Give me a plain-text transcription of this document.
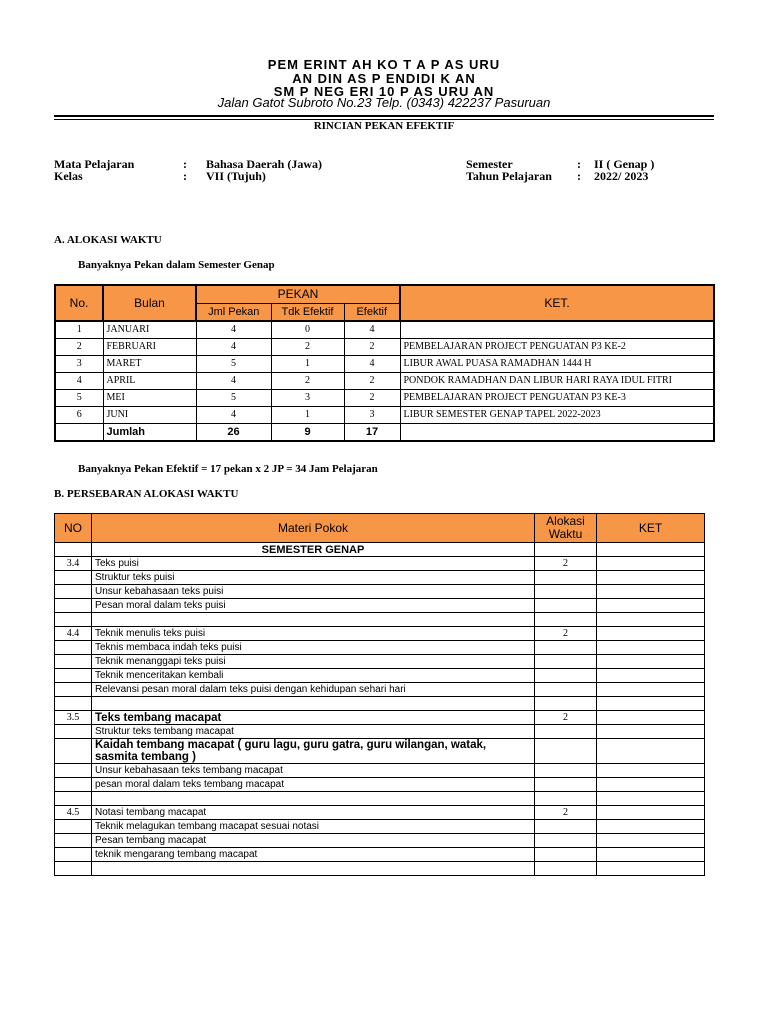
PEM ERINT AH KO T A P AS URU
AN DIN AS P ENDIDI K AN
SM P NEG ERI 10 P AS URU AN
Jalan Gatot Subroto No.23 Telp. (0343) 422237 Pasuruan
RINCIAN PEKAN EFEKTIF
Mata Pelajaran	: Bahasa Daerah (Jawa)
Kelas	: VII (Tujuh)
Semester	: II ( Genap )
Tahun Pelajaran : 2022/ 2023
A. ALOKASI WAKTU
Banyaknya Pekan dalam Semester Genap
No.	Bulan	PEKAN			KET.
		Jml Pekan	Tdk Efektif	Efektif	
1	JANUARI	4	0	4	
2	FEBRUARI	4	2	2	PEMBELAJARAN PROJECT PENGUATAN P3 KE-2
3	MARET	5	1	4	LIBUR AWAL PUASA RAMADHAN 1444 H
4	APRIL	4	2	2	PONDOK RAMADHAN DAN LIBUR HARI RAYA IDUL FITRI
5	MEI	5	3	2	PEMBELAJARAN PROJECT PENGUATAN P3 KE-3
6	JUNI	4	1	3	LIBUR SEMESTER GENAP TAPEL 2022-2023
	Jumlah	26	9	17	
Banyaknya Pekan Efektif = 17 pekan x 2 JP = 34 Jam Pelajaran
B. PERSEBARAN ALOKASI WAKTU
NO	Materi Pokok	Alokasi Waktu	KET
	SEMESTER GENAP		
3.4	Teks puisi	2	
	Struktur teks puisi		
	Unsur kebahasaan teks puisi		
	Pesan moral dalam teks puisi		

4.4	Teknik menulis teks puisi	2	
	Teknis membaca indah teks puisi		
	Teknik menanggapi teks puisi		
	Teknik menceritakan kembali		
	Relevansi pesan moral dalam teks puisi dengan kehidupan sehari hari		

3.5	Teks tembang macapat	2	
	Struktur teks tembang macapat		
	Kaidah tembang macapat ( guru lagu, guru gatra, guru wilangan, watak, sasmita tembang )		
	Unsur kebahasaan teks tembang macapat		
	pesan moral dalam teks tembang macapat		

4.5	Notasi tembang macapat	2	
	Teknik melagukan tembang macapat sesuai notasi		
	Pesan tembang macapat		
	teknik mengarang tembang macapat		
